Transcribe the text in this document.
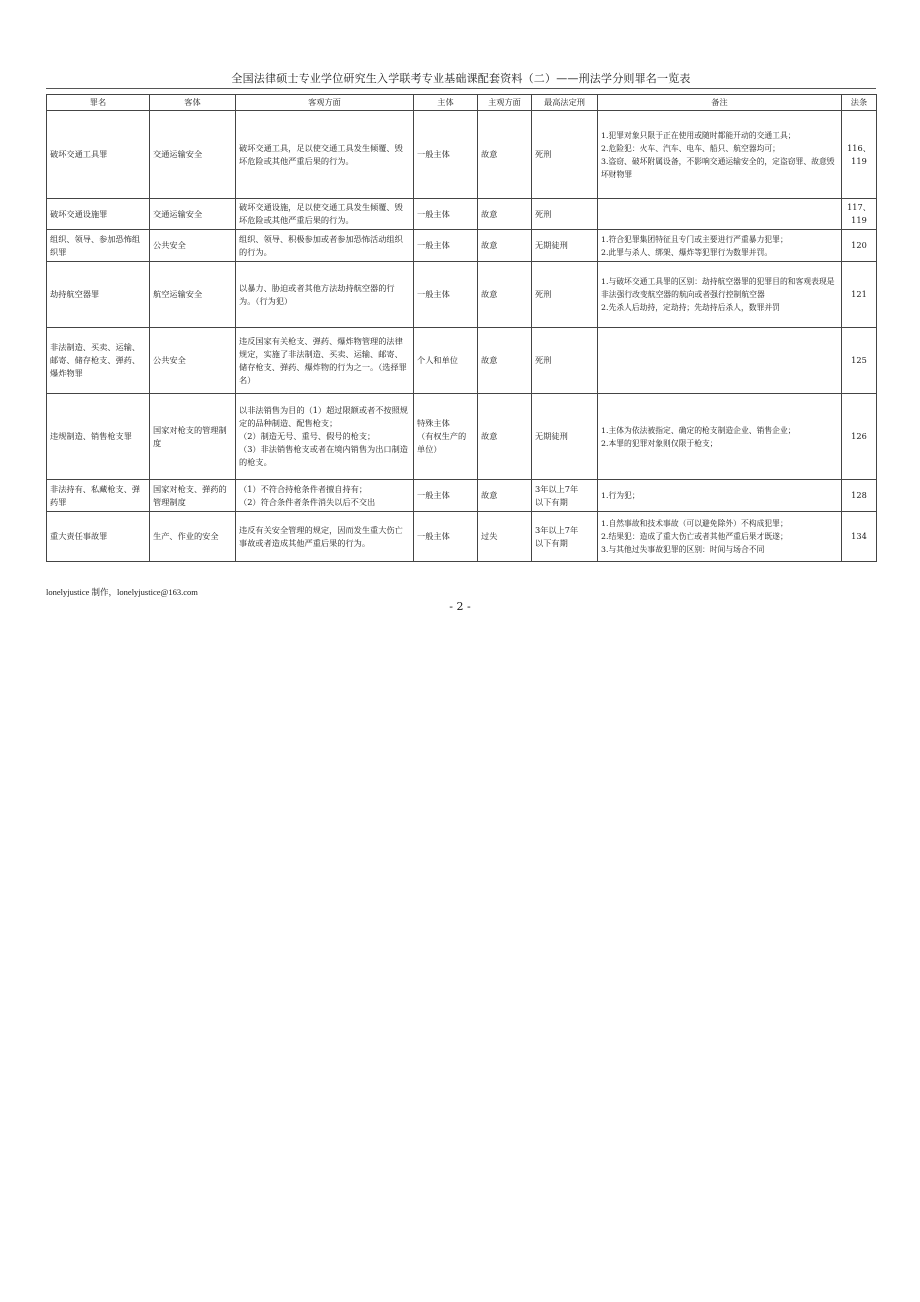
全国法律硕士专业学位研究生入学联考专业基础课配套资料（二）——刑法学分则罪名一览表
罪名	客体	客观方面	主体	主观方面	最高法定刑	备注	法条
破坏交通工具罪	交通运输安全	破坏交通工具，足以使交通工具发生倾覆、毁坏危险或其他严重后果的行为。	一般主体	故意	死刑	1.犯罪对象只限于正在使用或随时都能开动的交通工具；
2.危险犯：火车、汽车、电车、船只、航空器均可；
3.盗窃、破坏附属设备，不影响交通运输安全的，定盗窃罪、故意毁坏财物罪	116、
119

破坏交通设施罪	交通运输安全	破坏交通设施，足以使交通工具发生倾覆、毁坏危险或其他严重后果的行为。	一般主体	故意	死刑		117、
119

组织、领导、参加恐怖组织罪	公共安全	组织、领导、积极参加或者参加恐怖活动组织的行为。	一般主体	故意	无期徒刑	1.符合犯罪集团特征且专门或主要进行严重暴力犯罪；
2.此罪与杀人、绑架、爆炸等犯罪行为数罪并罚。	120

劫持航空器罪	航空运输安全	以暴力、胁迫或者其他方法劫持航空器的行为。（行为犯）	一般主体	故意	死刑	1.与破坏交通工具罪的区别：劫持航空器罪的犯罪目的和客观表现是非法强行改变航空器的航向或者强行控制航空器
2.先杀人后劫持，定劫持；先劫持后杀人，数罪并罚	121

非法制造、买卖、运输、邮寄、储存枪支、弹药、爆炸物罪	公共安全	违反国家有关枪支、弹药、爆炸物管理的法律规定，实施了非法制造、买卖、运输、邮寄、储存枪支、弹药、爆炸物的行为之一。（选择罪名）	个人和单位	故意	死刑		125

违规制造、销售枪支罪	国家对枪支的管理制度	以非法销售为目的（1）超过限额或者不按照规定的品种制造、配售枪支；
（2）制造无号、重号、假号的枪支；
（3）非法销售枪支或者在境内销售为出口制造的枪支。	特殊主体
（有权生产的单位）	故意	无期徒刑	1.主体为依法被指定、确定的枪支制造企业、销售企业；
2.本罪的犯罪对象则仅限于枪支；	126

非法持有、私藏枪支、弹药罪	国家对枪支、弹药的管理制度	（1）不符合持枪条件者擅自持有；
（2）符合条件者条件消失以后不交出	一般主体	故意	3年以上7年
以下有期	1.行为犯；	128

重大责任事故罪	生产、作业的安全	违反有关安全管理的规定，因而发生重大伤亡事故或者造成其他严重后果的行为。	一般主体	过失	3年以上7年
以下有期	1.自然事故和技术事故（可以避免除外）不构成犯罪；
2.结果犯：造成了重大伤亡或者其他严重后果才既遂；
3.与其他过失事故犯罪的区别：时间与场合不同	134
lonelyjustice 制作，lonelyjustice@163.com
- 2 -
